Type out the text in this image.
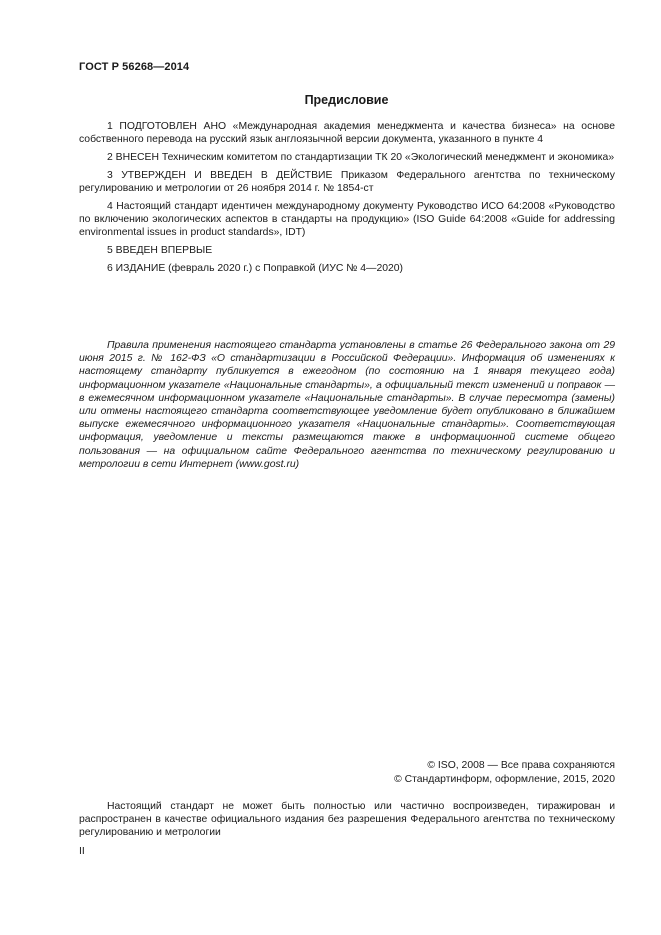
ГОСТ Р 56268—2014
Предисловие

1 ПОДГОТОВЛЕН АНО «Международная академия менеджмента и качества бизнеса» на основе собственного перевода на русский язык англоязычной версии документа, указанного в пункте 4

2 ВНЕСЕН Техническим комитетом по стандартизации ТК 20 «Экологический менеджмент и экономика»

3 УТВЕРЖДЕН И ВВЕДЕН В ДЕЙСТВИЕ Приказом Федерального агентства по техническому регулированию и метрологии от 26 ноября 2014 г. № 1854-ст

4 Настоящий стандарт идентичен международному документу Руководство ИСО 64:2008 «Руководство по включению экологических аспектов в стандарты на продукцию» (ISO Guide 64:2008 «Guide for addressing environmental issues in product standards», IDT)

5 ВВЕДЕН ВПЕРВЫЕ

6 ИЗДАНИЕ (февраль 2020 г.) с Поправкой (ИУС № 4—2020)

Правила применения настоящего стандарта установлены в статье 26 Федерального закона от 29 июня 2015 г. № 162-ФЗ «О стандартизации в Российской Федерации». Информация об изменениях к настоящему стандарту публикуется в ежегодном (по состоянию на 1 января текущего года) информационном указателе «Национальные стандарты», а официальный текст изменений и поправок — в ежемесячном информационном указателе «Национальные стандарты». В случае пересмотра (замены) или отмены настоящего стандарта соответствующее уведомление будет опубликовано в ближайшем выпуске ежемесячного информационного указателя «Национальные стандарты». Соответствующая информация, уведомление и тексты размещаются также в информационной системе общего пользования — на официальном сайте Федерального агентства по техническому регулированию и метрологии в сети Интернет (www.gost.ru)
© ISO, 2008 — Все права сохраняются
© Стандартинформ, оформление, 2015, 2020
Настоящий стандарт не может быть полностью или частично воспроизведен, тиражирован и распространен в качестве официального издания без разрешения Федерального агентства по техническому регулированию и метрологии
II
